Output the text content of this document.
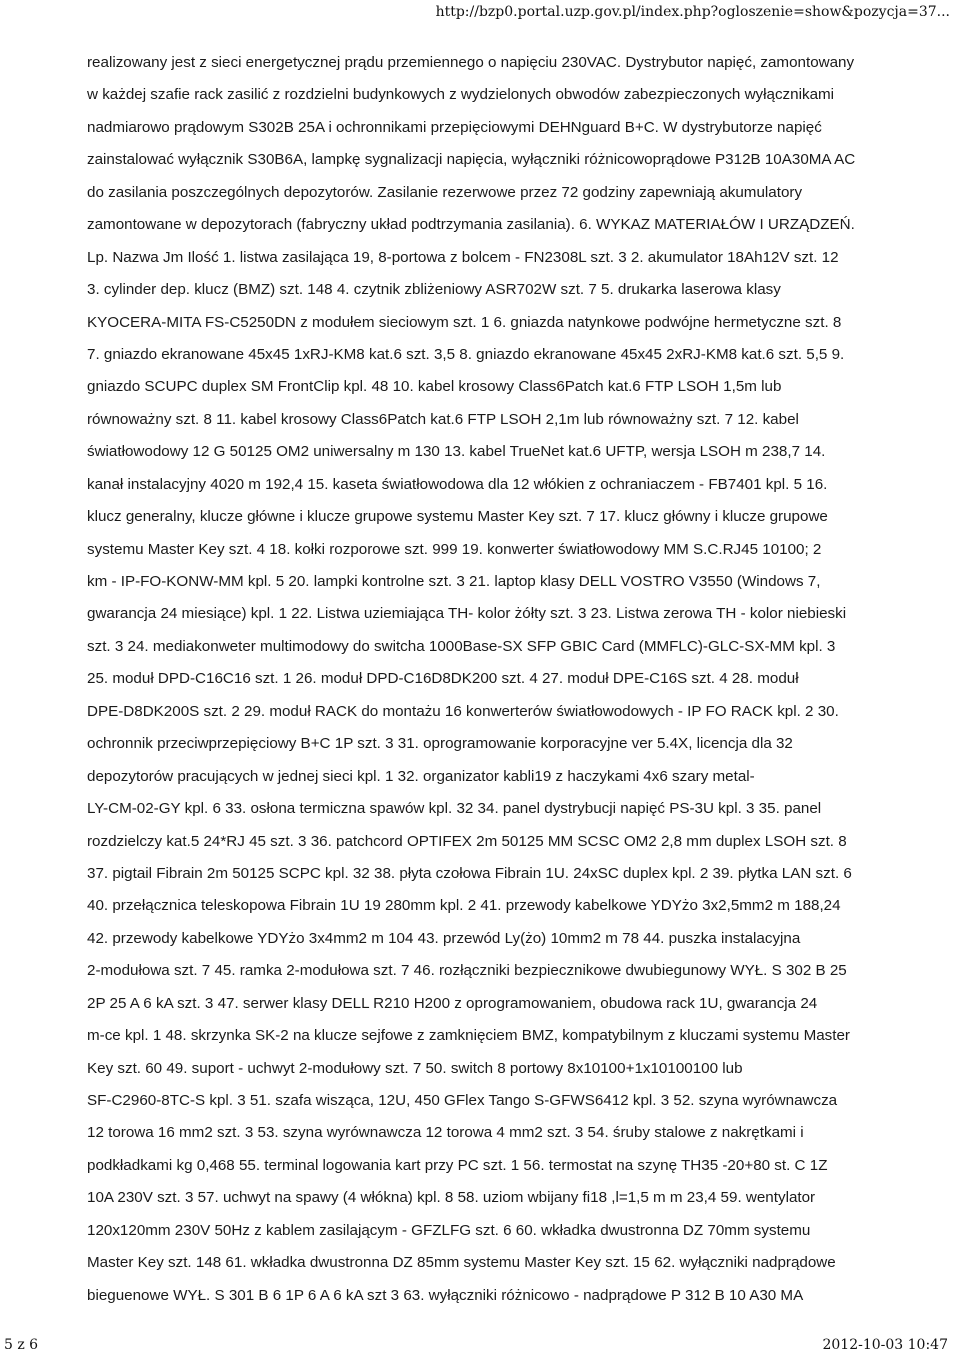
http://bzp0.portal.uzp.gov.pl/index.php?ogloszenie=show&pozycja=37...
realizowany jest z sieci energetycznej prądu przemiennego o napięciu 230VAC. Dystrybutor napięć, zamontowany
w każdej szafie rack zasilić z rozdzielni budynkowych z wydzielonych obwodów zabezpieczonych wyłącznikami
nadmiarowo prądowym S302B 25A i ochronnikami przepięciowymi DEHNguard B+C. W dystrybutorze napięć
zainstalować wyłącznik S30B6A, lampkę sygnalizacji napięcia, wyłączniki różnicowoprądowe P312B 10A30MA AC
do zasilania poszczególnych depozytorów. Zasilanie rezerwowe przez 72 godziny zapewniają akumulatory
zamontowane w depozytorach (fabryczny układ podtrzymania zasilania). 6. WYKAZ MATERIAŁÓW I URZĄDZEŃ.
Lp. Nazwa Jm Ilość 1. listwa zasilająca 19, 8-portowa z bolcem - FN2308L szt. 3 2. akumulator 18Ah12V szt. 12
3. cylinder dep. klucz (BMZ) szt. 148 4. czytnik zbliżeniowy ASR702W szt. 7 5. drukarka laserowa klasy
KYOCERA-MITA FS-C5250DN z modułem sieciowym szt. 1 6. gniazda natynkowe podwójne hermetyczne szt. 8
7. gniazdo ekranowane 45x45 1xRJ-KM8 kat.6 szt. 3,5 8. gniazdo ekranowane 45x45 2xRJ-KM8 kat.6 szt. 5,5 9.
gniazdo SCUPC duplex SM FrontClip kpl. 48 10. kabel krosowy Class6Patch kat.6 FTP LSOH 1,5m lub
równoważny szt. 8 11. kabel krosowy Class6Patch kat.6 FTP LSOH 2,1m lub równoważny szt. 7 12. kabel
światłowodowy 12 G 50125 OM2 uniwersalny m 130 13. kabel TrueNet kat.6 UFTP, wersja LSOH m 238,7 14.
kanał instalacyjny 4020 m 192,4 15. kaseta światłowodowa dla 12 włókien z ochraniaczem - FB7401 kpl. 5 16.
klucz generalny, klucze główne i klucze grupowe systemu Master Key szt. 7 17. klucz główny i klucze grupowe
systemu Master Key szt. 4 18. kołki rozporowe szt. 999 19. konwerter światłowodowy MM S.C.RJ45 10100; 2
km - IP-FO-KONW-MM kpl. 5 20. lampki kontrolne szt. 3 21. laptop klasy DELL VOSTRO V3550 (Windows 7,
gwarancja 24 miesiące) kpl. 1 22. Listwa uziemiająca TH- kolor żółty szt. 3 23. Listwa zerowa TH - kolor niebieski
szt. 3 24. mediakonweter multimodowy do switcha 1000Base-SX SFP GBIC Card (MMFLC)-GLC-SX-MM kpl. 3
25. moduł DPD-C16C16 szt. 1 26. moduł DPD-C16D8DK200 szt. 4 27. moduł DPE-C16S szt. 4 28. moduł
DPE-D8DK200S szt. 2 29. moduł RACK do montażu 16 konwerterów światłowodowych - IP FO RACK kpl. 2 30.
ochronnik przeciwprzepięciowy B+C 1P szt. 3 31. oprogramowanie korporacyjne ver 5.4X, licencja dla 32
depozytorów pracujących w jednej sieci kpl. 1 32. organizator kabli19 z haczykami 4x6 szary metal-
LY-CM-02-GY kpl. 6 33. osłona termiczna spawów kpl. 32 34. panel dystrybucji napięć PS-3U kpl. 3 35. panel
rozdzielczy kat.5 24*RJ 45 szt. 3 36. patchcord OPTIFEX 2m 50125 MM SCSC OM2 2,8 mm duplex LSOH szt. 8
37. pigtail Fibrain 2m 50125 SCPC kpl. 32 38. płyta czołowa Fibrain 1U. 24xSC duplex kpl. 2 39. płytka LAN szt. 6
40. przełącznica teleskopowa Fibrain 1U 19 280mm kpl. 2 41. przewody kabelkowe YDYżo 3x2,5mm2 m 188,24
42. przewody kabelkowe YDYżo 3x4mm2 m 104 43. przewód Ly(żo) 10mm2 m 78 44. puszka instalacyjna
2-modułowa szt. 7 45. ramka 2-modułowa szt. 7 46. rozłączniki bezpiecznikowe dwubiegunowy WYŁ. S 302 B 25
2P 25 A 6 kA szt. 3 47. serwer klasy DELL R210 H200 z oprogramowaniem, obudowa rack 1U, gwarancja 24
m-ce kpl. 1 48. skrzynka SK-2 na klucze sejfowe z zamknięciem BMZ, kompatybilnym z kluczami systemu Master
Key szt. 60 49. suport - uchwyt 2-modułowy szt. 7 50. switch 8 portowy 8x10100+1x10100100 lub
SF-C2960-8TC-S kpl. 3 51. szafa wisząca, 12U, 450 GFlex Tango S-GFWS6412 kpl. 3 52. szyna wyrównawcza
12 torowa 16 mm2 szt. 3 53. szyna wyrównawcza 12 torowa 4 mm2 szt. 3 54. śruby stalowe z nakrętkami i
podkładkami kg 0,468 55. terminal logowania kart przy PC szt. 1 56. termostat na szynę TH35 -20+80 st. C 1Z
10A 230V szt. 3 57. uchwyt na spawy (4 włókna) kpl. 8 58. uziom wbijany fi18 ,l=1,5 m m 23,4 59. wentylator
120x120mm 230V 50Hz z kablem zasilającym - GFZLFG szt. 6 60. wkładka dwustronna DZ 70mm systemu
Master Key szt. 148 61. wkładka dwustronna DZ 85mm systemu Master Key szt. 15 62. wyłączniki nadprądowe
bieguenowe WYŁ. S 301 B 6 1P 6 A 6 kA szt 3 63. wyłączniki różnicowo - nadprądowe P 312 B 10 A30 MA
5 z 6	2012-10-03 10:47
